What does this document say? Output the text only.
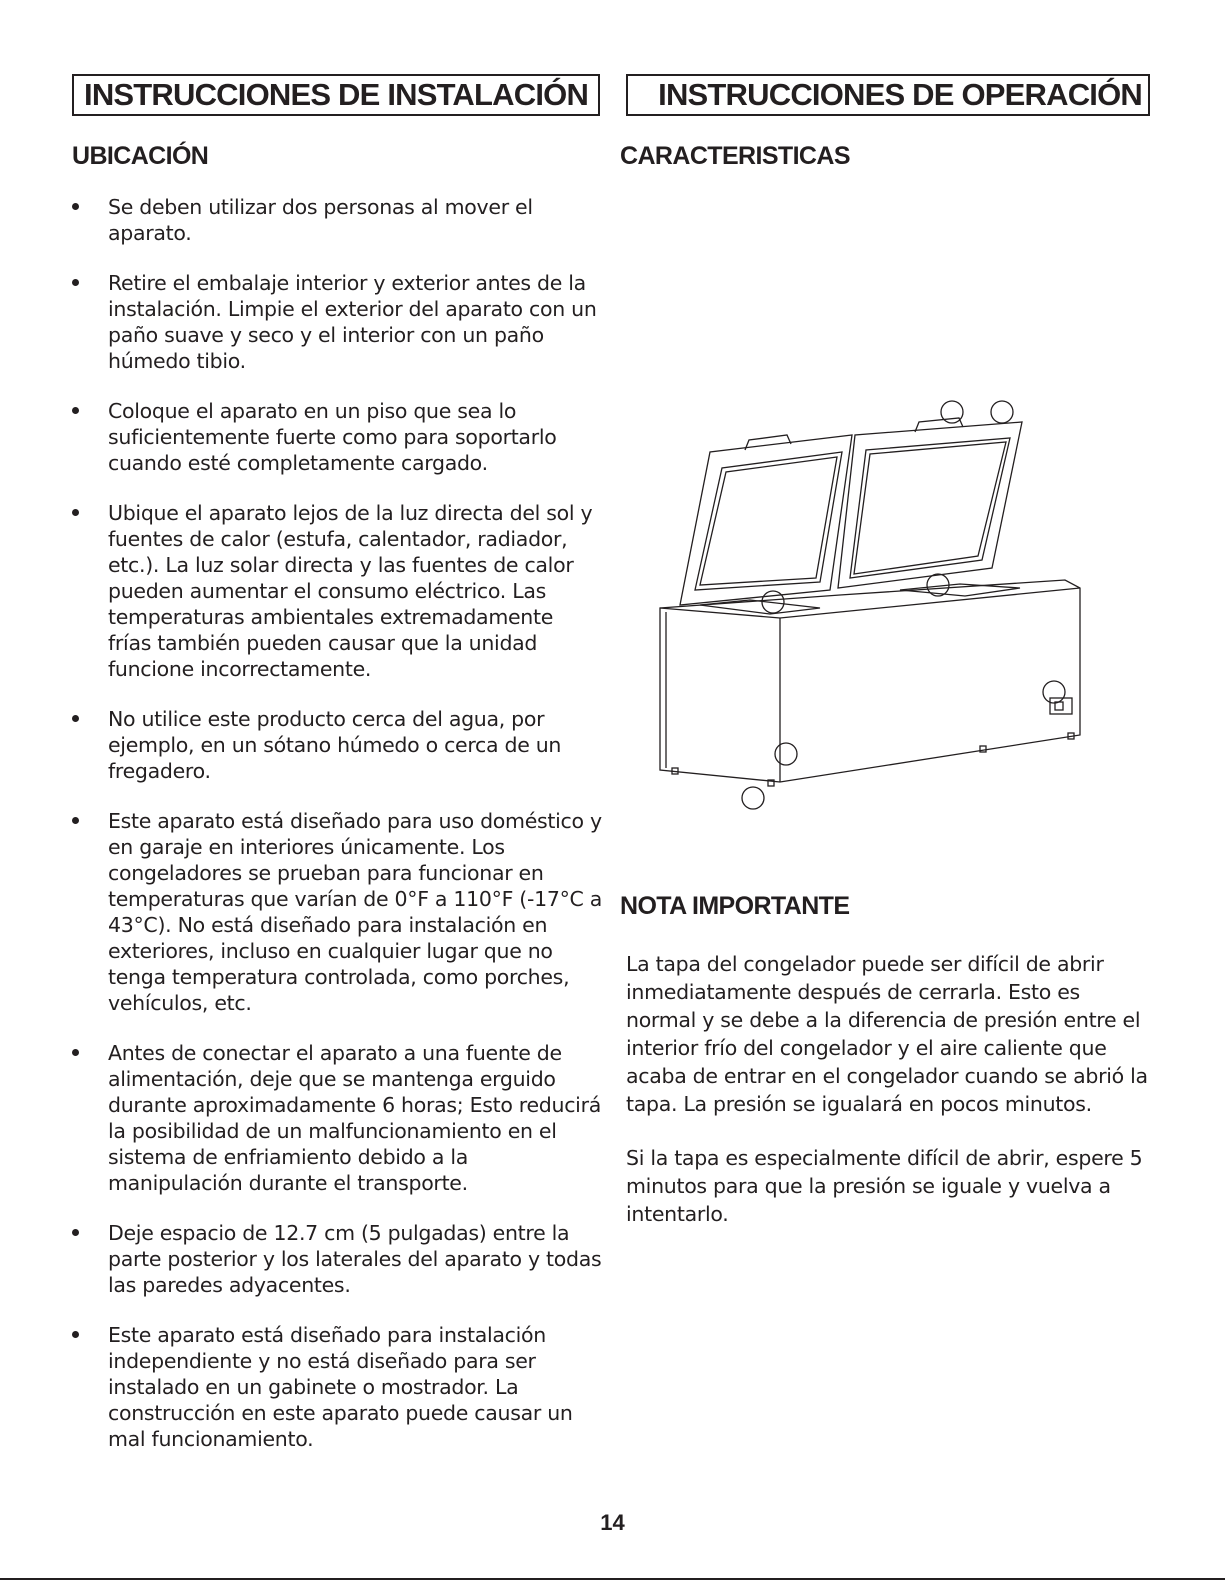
INSTRUCCIONES DE INSTALACIÓN	INSTRUCCIONES DE OPERACIÓN
UBICACIÓN
Se deben utilizar dos personas al mover el aparato.
Retire el embalaje interior y exterior antes de la instalación. Limpie el exterior del aparato con un paño suave y seco y el interior con un paño húmedo tibio.
Coloque el aparato en un piso que sea lo suficientemente fuerte como para soportarlo cuando esté completamente cargado.
Ubique el aparato lejos de la luz directa del sol y fuentes de calor (estufa, calentador, radiador, etc.). La luz solar directa y las fuentes de calor pueden aumentar el consumo eléctrico. Las temperaturas ambientales extremadamente frías también pueden causar que la unidad funcione incorrectamente.
No utilice este producto cerca del agua, por ejemplo, en un sótano húmedo o cerca de un fregadero.
Este aparato está diseñado para uso doméstico y en garaje en interiores únicamente. Los congeladores se prueban para funcionar en temperaturas que varían de 0°F a 110°F (-17°C a 43°C). No está diseñado para instalación en exteriores, incluso en cualquier lugar que no tenga temperatura controlada, como porches, vehículos, etc.
Antes de conectar el aparato a una fuente de alimentación, deje que se mantenga erguido durante aproximadamente 6 horas; Esto reducirá la posibilidad de un malfuncionamiento en el sistema de enfriamiento debido a la manipulación durante el transporte.
Deje espacio de 12.7 cm (5 pulgadas) entre la parte posterior y los laterales del aparato y todas las paredes adyacentes.
Este aparato está diseñado para instalación independiente y no está diseñado para ser instalado en un gabinete o mostrador. La construcción en este aparato puede causar un mal funcionamiento.
CARACTERISTICAS
NOTA IMPORTANTE

La tapa del congelador puede ser difícil de abrir inmediatamente después de cerrarla. Esto es normal y se debe a la diferencia de presión entre el interior frío del congelador y el aire caliente que acaba de entrar en el congelador cuando se abrió la tapa. La presión se igualará en pocos minutos.

Si la tapa es especialmente difícil de abrir, espere 5 minutos para que la presión se iguale y vuelva a intentarlo.

14
